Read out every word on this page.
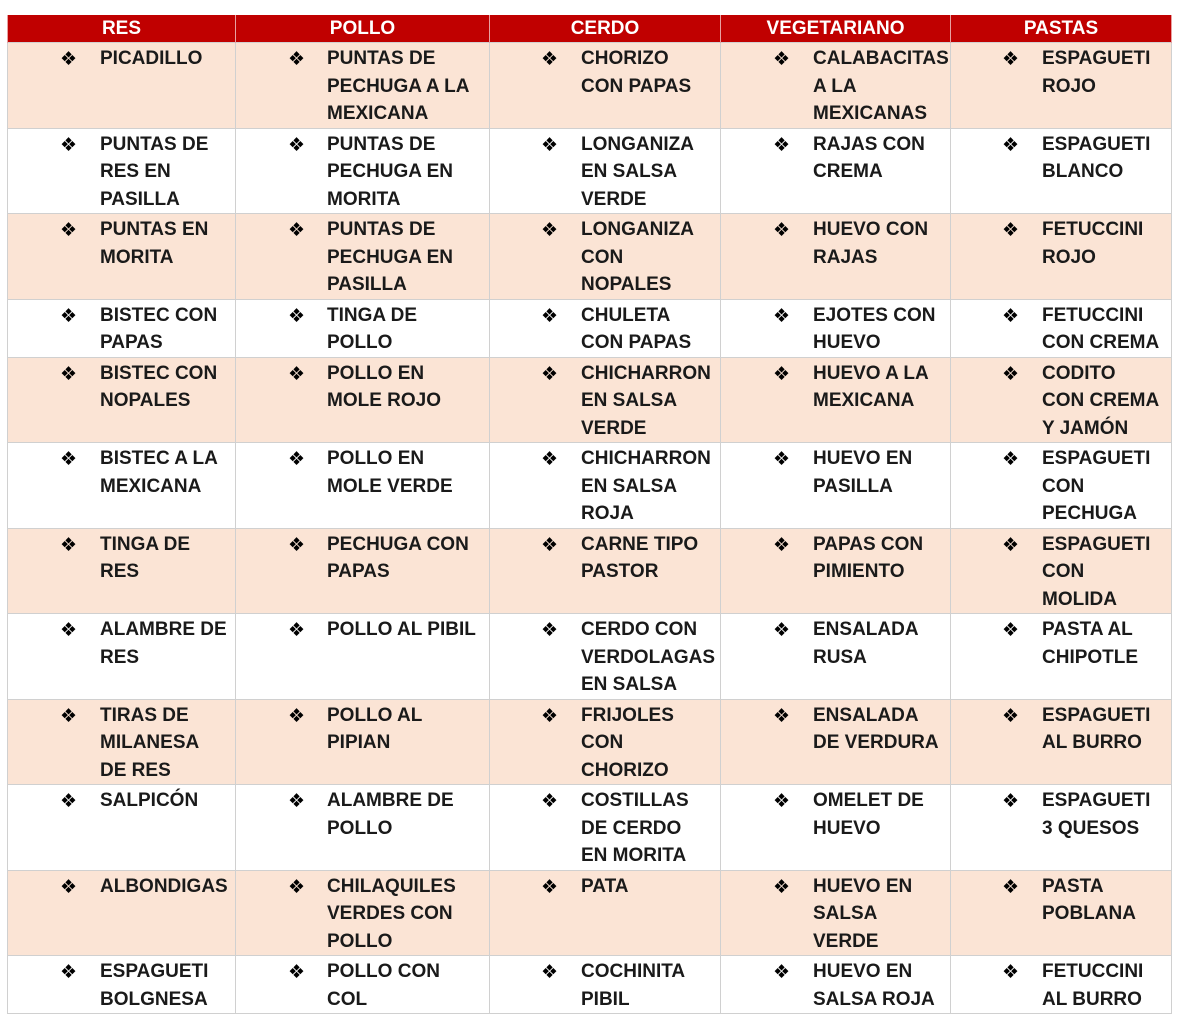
RES	POLLO	CERDO	VEGETARIANO	PASTAS

❖ PICADILLO	❖ PUNTAS DE PECHUGA A LA MEXICANA	❖ CHORIZO CON PAPAS	❖ CALABACITAS A LA MEXICANAS	❖ ESPAGUETI ROJO

❖ PUNTAS DE RES EN PASILLA	❖ PUNTAS DE PECHUGA EN MORITA	❖ LONGANIZA EN SALSA VERDE	❖ RAJAS CON CREMA	❖ ESPAGUETI BLANCO

❖ PUNTAS EN MORITA	❖ PUNTAS DE PECHUGA EN PASILLA	❖ LONGANIZA CON NOPALES	❖ HUEVO CON RAJAS	❖ FETUCCINI ROJO

❖ BISTEC CON PAPAS	❖ TINGA DE POLLO	❖ CHULETA CON PAPAS	❖ EJOTES CON HUEVO	❖ FETUCCINI CON CREMA

❖ BISTEC CON NOPALES	❖ POLLO EN MOLE ROJO	❖ CHICHARRON EN SALSA VERDE	❖ HUEVO A LA MEXICANA	❖ CODITO CON CREMA Y JAMÓN

❖ BISTEC A LA MEXICANA	❖ POLLO EN MOLE VERDE	❖ CHICHARRON EN SALSA ROJA	❖ HUEVO EN PASILLA	❖ ESPAGUETI CON PECHUGA

❖ TINGA DE RES	❖ PECHUGA CON PAPAS	❖ CARNE TIPO PASTOR	❖ PAPAS CON PIMIENTO	❖ ESPAGUETI CON MOLIDA

❖ ALAMBRE DE RES	❖ POLLO AL PIBIL	❖ CERDO CON VERDOLAGAS EN SALSA	❖ ENSALADA RUSA	❖ PASTA AL CHIPOTLE

❖ TIRAS DE MILANESA DE RES	❖ POLLO AL PIPIAN	❖ FRIJOLES CON CHORIZO	❖ ENSALADA DE VERDURA	❖ ESPAGUETI AL BURRO

❖ SALPICÓN	❖ ALAMBRE DE POLLO	❖ COSTILLAS DE CERDO EN MORITA	❖ OMELET DE HUEVO	❖ ESPAGUETI 3 QUESOS

❖ ALBONDIGAS	❖ CHILAQUILES VERDES CON POLLO	❖ PATA	❖ HUEVO EN SALSA VERDE	❖ PASTA POBLANA

❖ ESPAGUETI BOLGNESA	❖ POLLO CON COL	❖ COCHINITA PIBIL	❖ HUEVO EN SALSA ROJA	❖ FETUCCINI AL BURRO
